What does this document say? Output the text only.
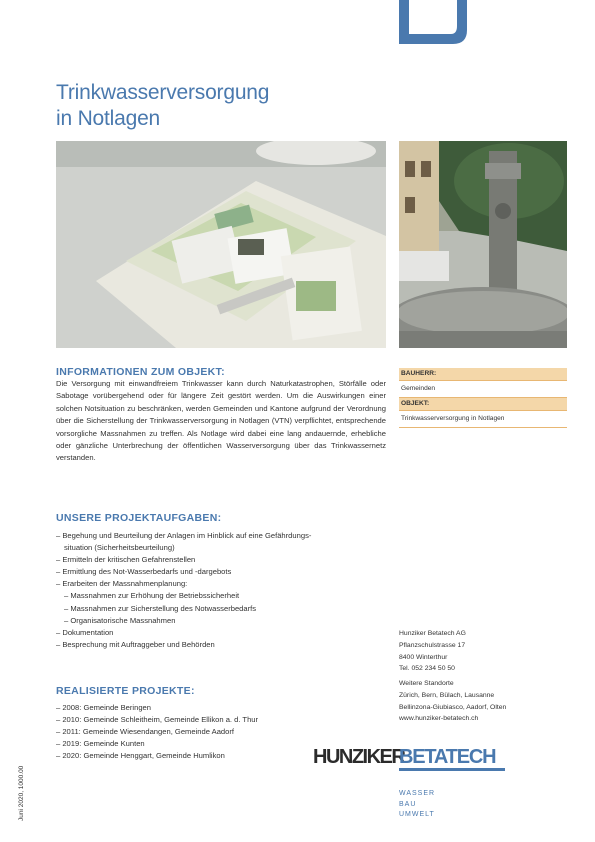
Trinkwasserversorgung
in Notlagen
INFORMATIONEN ZUM OBJEKT:
Die Versorgung mit einwandfreiem Trinkwasser kann durch Naturkatastrophen, Störfälle oder Sabotage vorübergehend oder für längere Zeit gestört werden. Um die Auswirkungen einer solchen Notsituation zu beschränken, werden Gemeinden und Kantone aufgrund der Verordnung über die Sicherstellung der Trinkwasserversorgung in Notlagen (VTN) verpflichtet, entsprechende vorsorgliche Massnahmen zu treffen. Als Notlage wird dabei eine lang andauernde, erhebliche oder gänzliche Unterbrechung der öffentlichen Wasserversorgung über das Trinkwassernetz verstanden.
BAUHERR:
Gemeinden
OBJEKT:
Trinkwasserversorgung in Notlagen
UNSERE PROJEKTAUFGABEN:
– Begehung und Beurteilung der Anlagen im Hinblick auf eine Gefährdungs-
situation (Sicherheitsbeurteilung)
– Ermitteln der kritischen Gefahrenstellen
– Ermittlung des Not-Wasserbedarfs und -dargebots
– Erarbeiten der Massnahmenplanung:
– Massnahmen zur Erhöhung der Betriebssicherheit
– Massnahmen zur Sicherstellung des Notwasserbedarfs
– Organisatorische Massnahmen
– Dokumentation
– Besprechung mit Auftraggeber und Behörden
REALISIERTE PROJEKTE:
– 2008: Gemeinde Beringen
– 2010: Gemeinde Schleitheim, Gemeinde Ellikon a. d. Thur
– 2011: Gemeinde Wiesendangen, Gemeinde Aadorf
– 2019: Gemeinde Kunten
– 2020: Gemeinde Henggart, Gemeinde Humlikon
Hunziker Betatech AG
Pflanzschulstrasse 17
8400 Winterthur
Tel. 052 234 50 50
Weitere Standorte
Zürich, Bern, Bülach, Lausanne
Bellinzona-Giubiasco, Aadorf, Olten
www.hunziker-betatech.ch
HUNZIKER
BETATECH
WASSER
BAU
UMWELT
Juni 2020, 1000.00
